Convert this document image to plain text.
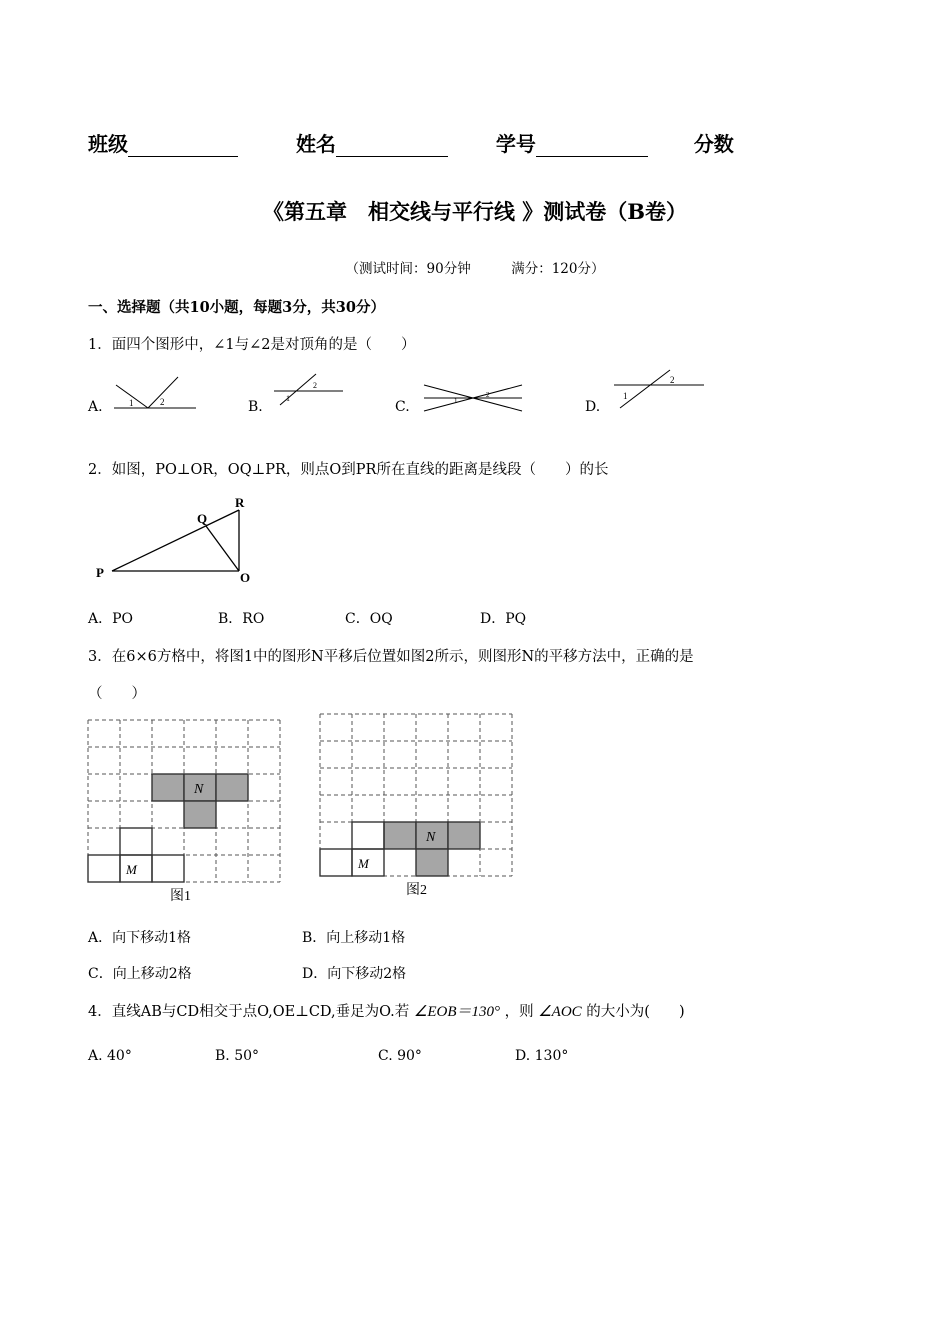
班级	姓名	学号	分数
《第五章　相交线与平行线 》测试卷（B卷）
（测试时间：90分钟　　　满分：120分）
一、选择题（共10小题，每题3分，共30分）
1．面四个图形中，∠1与∠2是对顶角的是（　　）
A.	1	2	B.
1
2
C.	1
2
D.
1
2
2．如图，PO⊥OR，OQ⊥PR，则点O到PR所在直线的距离是线段（　　）的长
P
Q
R
O
A．PO	B．RO	C．OQ	D．PQ
3．在6×6方格中，将图1中的图形N平移后位置如图2所示，则图形N的平移方法中，正确的是
（　　）
N
M
图1
N
M
图2
A．向下移动1格	B．向上移动1格
C．向上移动2格	D．向下移动2格
4．直线AB与CD相交于点O,OE⊥CD,垂足为O.若 ∠EOB＝130° ，则 ∠AOC 的大小为(　　)
A. 40°	B. 50°	C. 90°	D. 130°
